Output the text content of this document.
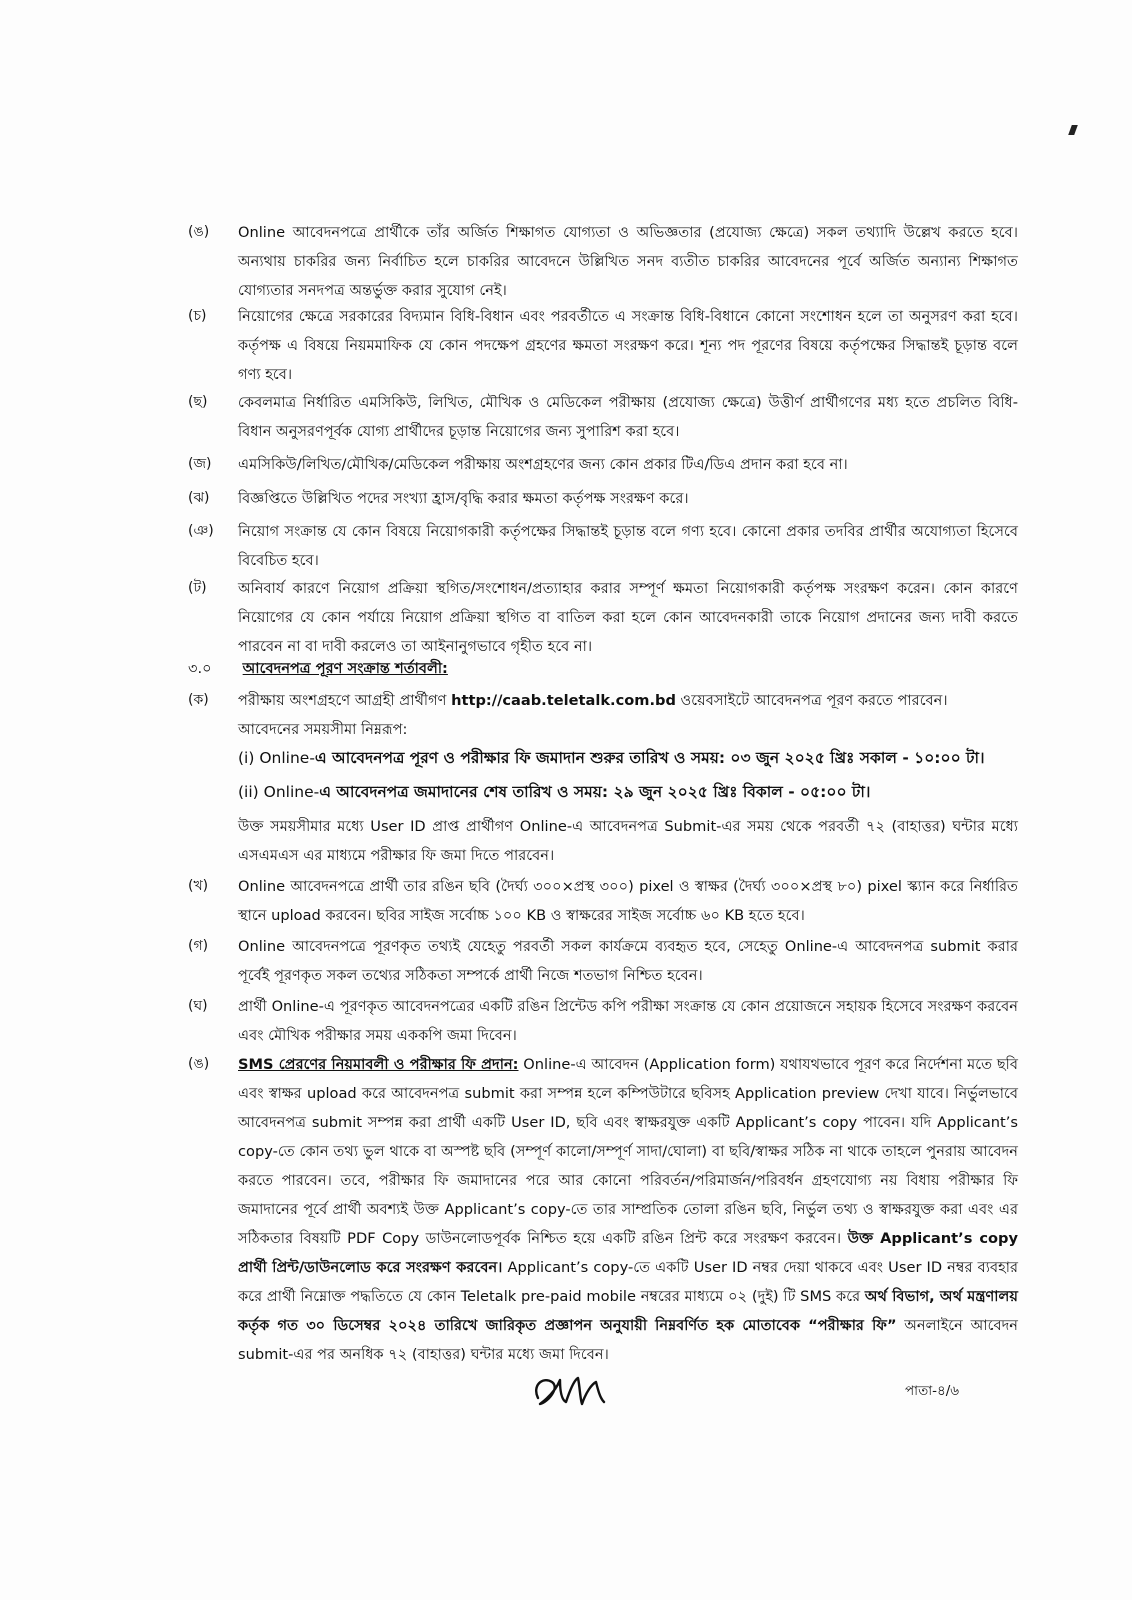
(ঙ)	Online আবেদনপত্রে প্রার্থীকে তাঁর অর্জিত শিক্ষাগত যোগ্যতা ও অভিজ্ঞতার (প্রযোজ্য ক্ষেত্রে) সকল তথ্যাদি উল্লেখ করতে হবে। অন্যথায় চাকরির জন্য নির্বাচিত হলে চাকরির আবেদনে উল্লিখিত সনদ ব্যতীত চাকরির আবেদনের পূর্বে অর্জিত অন্যান্য শিক্ষাগত যোগ্যতার সনদপত্র অন্তর্ভুক্ত করার সুযোগ নেই।
(চ)	নিয়োগের ক্ষেত্রে সরকারের বিদ্যমান বিধি-বিধান এবং পরবর্তীতে এ সংক্রান্ত বিধি-বিধানে কোনো সংশোধন হলে তা অনুসরণ করা হবে। কর্তৃপক্ষ এ বিষয়ে নিয়মমাফিক যে কোন পদক্ষেপ গ্রহণের ক্ষমতা সংরক্ষণ করে। শূন্য পদ পূরণের বিষয়ে কর্তৃপক্ষের সিদ্ধান্তই চূড়ান্ত বলে গণ্য হবে।
(ছ)	কেবলমাত্র নির্ধারিত এমসিকিউ, লিখিত, মৌখিক ও মেডিকেল পরীক্ষায় (প্রযোজ্য ক্ষেত্রে) উত্তীর্ণ প্রার্থীগণের মধ্য হতে প্রচলিত বিধি-বিধান অনুসরণপূর্বক যোগ্য প্রার্থীদের চূড়ান্ত নিয়োগের জন্য সুপারিশ করা হবে।
(জ)	এমসিকিউ/লিখিত/মৌখিক/মেডিকেল পরীক্ষায় অংশগ্রহণের জন্য কোন প্রকার টিএ/ডিএ প্রদান করা হবে না।
(ঝ)	বিজ্ঞপ্তিতে উল্লিখিত পদের সংখ্যা হ্রাস/বৃদ্ধি করার ক্ষমতা কর্তৃপক্ষ সংরক্ষণ করে।
(ঞ)	নিয়োগ সংক্রান্ত যে কোন বিষয়ে নিয়োগকারী কর্তৃপক্ষের সিদ্ধান্তই চূড়ান্ত বলে গণ্য হবে। কোনো প্রকার তদবির প্রার্থীর অযোগ্যতা হিসেবে বিবেচিত হবে।
(ট)	অনিবার্য কারণে নিয়োগ প্রক্রিয়া স্থগিত/সংশোধন/প্রত্যাহার করার সম্পূর্ণ ক্ষমতা নিয়োগকারী কর্তৃপক্ষ সংরক্ষণ করেন। কোন কারণে নিয়োগের যে কোন পর্যায়ে নিয়োগ প্রক্রিয়া স্থগিত বা বাতিল করা হলে কোন আবেদনকারী তাকে নিয়োগ প্রদানের জন্য দাবী করতে পারবেন না বা দাবী করলেও তা আইনানুগভাবে গৃহীত হবে না।
৩.০ আবেদনপত্র পূরণ সংক্রান্ত শর্তাবলী:
(ক)	পরীক্ষায় অংশগ্রহণে আগ্রহী প্রার্থীগণ http://caab.teletalk.com.bd ওয়েবসাইটে আবেদনপত্র পূরণ করতে পারবেন।
আবেদনের সময়সীমা নিম্নরূপ:
(i) Online-এ আবেদনপত্র পূরণ ও পরীক্ষার ফি জমাদান শুরুর তারিখ ও সময়: ০৩ জুন ২০২৫ খ্রিঃ সকাল - ১০:০০ টা।
(ii) Online-এ আবেদনপত্র জমাদানের শেষ তারিখ ও সময়: ২৯ জুন ২০২৫ খ্রিঃ বিকাল - ০৫:০০ টা।
উক্ত সময়সীমার মধ্যে User ID প্রাপ্ত প্রার্থীগণ Online-এ আবেদনপত্র Submit-এর সময় থেকে পরবর্তী ৭২ (বাহাত্তর) ঘন্টার মধ্যে এসএমএস এর মাধ্যমে পরীক্ষার ফি জমা দিতে পারবেন।
(খ)	Online আবেদনপত্রে প্রার্থী তার রঙিন ছবি (দৈর্ঘ্য ৩০০×প্রস্থ ৩০০) pixel ও স্বাক্ষর (দৈর্ঘ্য ৩০০×প্রস্থ ৮০) pixel স্ক্যান করে নির্ধারিত স্থানে upload করবেন। ছবির সাইজ সর্বোচ্চ ১০০ KB ও স্বাক্ষরের সাইজ সর্বোচ্চ ৬০ KB হতে হবে।
(গ)	Online আবেদনপত্রে পূরণকৃত তথ্যই যেহেতু পরবর্তী সকল কার্যক্রমে ব্যবহৃত হবে, সেহেতু Online-এ আবেদনপত্র submit করার পূর্বেই পূরণকৃত সকল তথ্যের সঠিকতা সম্পর্কে প্রার্থী নিজে শতভাগ নিশ্চিত হবেন।
(ঘ)	প্রার্থী Online-এ পূরণকৃত আবেদনপত্রের একটি রঙিন প্রিন্টেড কপি পরীক্ষা সংক্রান্ত যে কোন প্রয়োজনে সহায়ক হিসেবে সংরক্ষণ করবেন এবং মৌখিক পরীক্ষার সময় এককপি জমা দিবেন।
(ঙ)	SMS প্রেরণের নিয়মাবলী ও পরীক্ষার ফি প্রদান: Online-এ আবেদন (Application form) যথাযথভাবে পূরণ করে নির্দেশনা মতে ছবি এবং স্বাক্ষর upload করে আবেদনপত্র submit করা সম্পন্ন হলে কম্পিউটারে ছবিসহ Application preview দেখা যাবে। নির্ভুলভাবে আবেদনপত্র submit সম্পন্ন করা প্রার্থী একটি User ID, ছবি এবং স্বাক্ষরযুক্ত একটি Applicant’s copy পাবেন। যদি Applicant’s copy-তে কোন তথ্য ভুল থাকে বা অস্পষ্ট ছবি (সম্পূর্ণ কালো/সম্পূর্ণ সাদা/ঘোলা) বা ছবি/স্বাক্ষর সঠিক না থাকে তাহলে পুনরায় আবেদন করতে পারবেন। তবে, পরীক্ষার ফি জমাদানের পরে আর কোনো পরিবর্তন/পরিমার্জন/পরিবর্ধন গ্রহণযোগ্য নয় বিধায় পরীক্ষার ফি জমাদানের পূর্বে প্রার্থী অবশ্যই উক্ত Applicant’s copy-তে তার সাম্প্রতিক তোলা রঙিন ছবি, নির্ভুল তথ্য ও স্বাক্ষরযুক্ত করা এবং এর সঠিকতার বিষয়টি PDF Copy ডাউনলোডপূর্বক নিশ্চিত হয়ে একটি রঙিন প্রিন্ট করে সংরক্ষণ করবেন। উক্ত Applicant’s copy প্রার্থী প্রিন্ট/ডাউনলোড করে সংরক্ষণ করবেন। Applicant’s copy-তে একটি User ID নম্বর দেয়া থাকবে এবং User ID নম্বর ব্যবহার করে প্রার্থী নিম্নোক্ত পদ্ধতিতে যে কোন Teletalk pre-paid mobile নম্বরের মাধ্যমে ০২ (দুই) টি SMS করে অর্থ বিভাগ, অর্থ মন্ত্রণালয় কর্তৃক গত ৩০ ডিসেম্বর ২০২৪ তারিখে জারিকৃত প্রজ্ঞাপন অনুযায়ী নিম্নবর্ণিত হক মোতাবেক “পরীক্ষার ফি” অনলাইনে আবেদন submit-এর পর অনধিক ৭২ (বাহাত্তর) ঘন্টার মধ্যে জমা দিবেন।
পাতা-৪/৬
